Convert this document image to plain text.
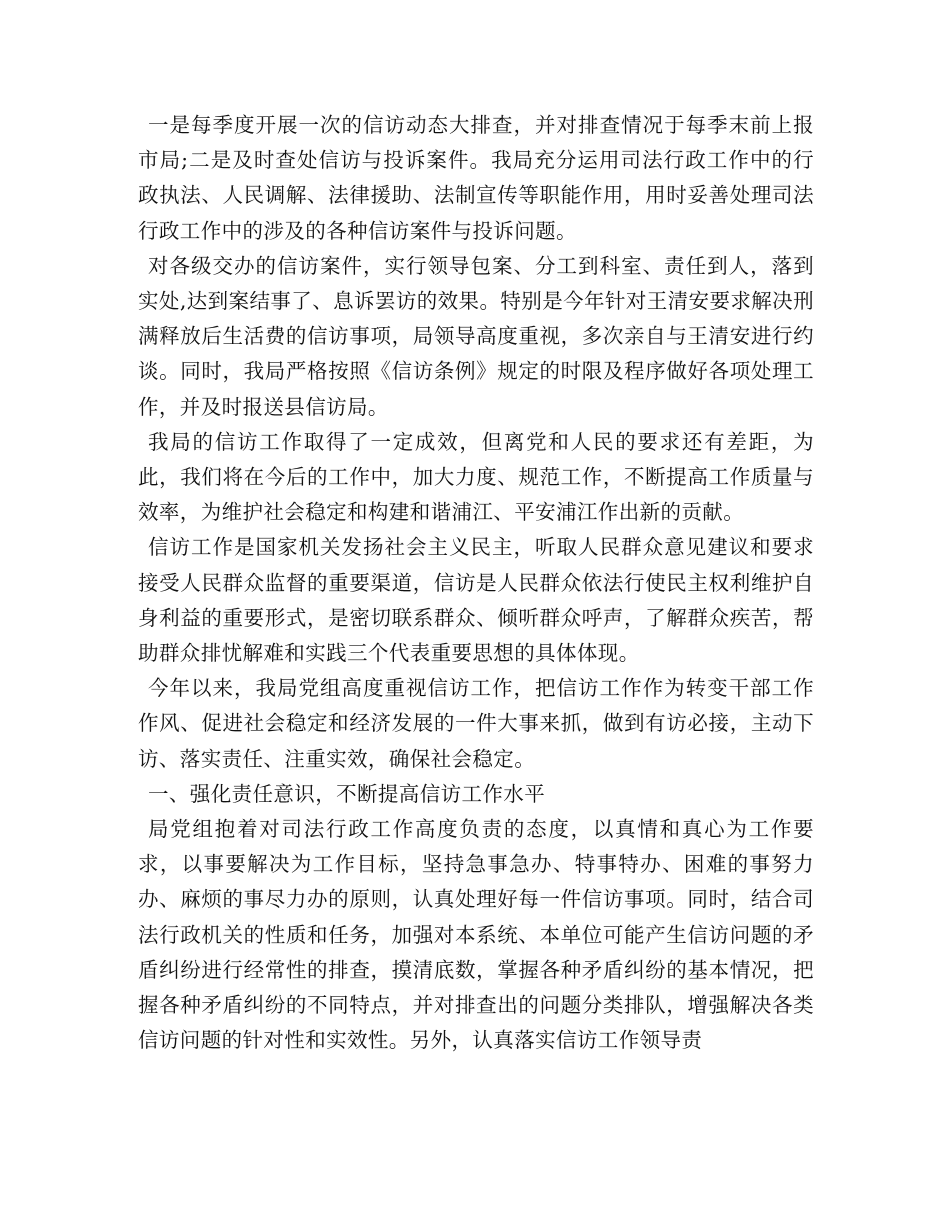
一是每季度开展一次的信访动态大排查，并对排查情况于每季末前上报市局;二是及时查处信访与投诉案件。我局充分运用司法行政工作中的行政执法、人民调解、法律援助、法制宣传等职能作用，用时妥善处理司法行政工作中的涉及的各种信访案件与投诉问题。

对各级交办的信访案件，实行领导包案、分工到科室、责任到人，落到实处,达到案结事了、息诉罢访的效果。特别是今年针对王清安要求解决刑满释放后生活费的信访事项，局领导高度重视，多次亲自与王清安进行约谈。同时，我局严格按照《信访条例》规定的时限及程序做好各项处理工作，并及时报送县信访局。

我局的信访工作取得了一定成效，但离党和人民的要求还有差距，为此，我们将在今后的工作中，加大力度、规范工作，不断提高工作质量与效率，为维护社会稳定和构建和谐浦江、平安浦江作出新的贡献。

信访工作是国家机关发扬社会主义民主，听取人民群众意见建议和要求接受人民群众监督的重要渠道，信访是人民群众依法行使民主权利维护自身利益的重要形式，是密切联系群众、倾听群众呼声，了解群众疾苦，帮助群众排忧解难和实践三个代表重要思想的具体体现。

今年以来，我局党组高度重视信访工作，把信访工作作为转变干部工作作风、促进社会稳定和经济发展的一件大事来抓，做到有访必接，主动下访、落实责任、注重实效，确保社会稳定。

一、强化责任意识，不断提高信访工作水平

局党组抱着对司法行政工作高度负责的态度，以真情和真心为工作要求，以事要解决为工作目标，坚持急事急办、特事特办、困难的事努力办、麻烦的事尽力办的原则，认真处理好每一件信访事项。同时，结合司法行政机关的性质和任务，加强对本系统、本单位可能产生信访问题的矛盾纠纷进行经常性的排查，摸清底数，掌握各种矛盾纠纷的基本情况，把握各种矛盾纠纷的不同特点，并对排查出的问题分类排队，增强解决各类信访问题的针对性和实效性。另外，认真落实信访工作领导责
